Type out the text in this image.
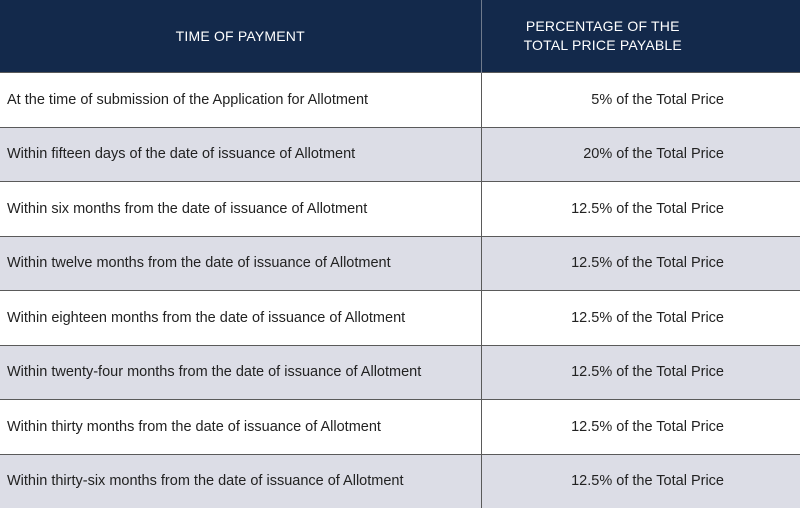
TIME OF PAYMENT	PERCENTAGE OF THE
TOTAL PRICE PAYABLE

At the time of submission of the Application for Allotment	5% of the Total Price
Within fifteen days of the date of issuance of Allotment	20% of the Total Price
Within six months from the date of issuance of Allotment	12.5% of the Total Price
Within twelve months from the date of issuance of Allotment	12.5% of the Total Price
Within eighteen months from the date of issuance of Allotment	12.5% of the Total Price
Within twenty-four months from the date of issuance of Allotment	12.5% of the Total Price
Within thirty months from the date of issuance of Allotment	12.5% of the Total Price
Within thirty-six months from the date of issuance of Allotment	12.5% of the Total Price
